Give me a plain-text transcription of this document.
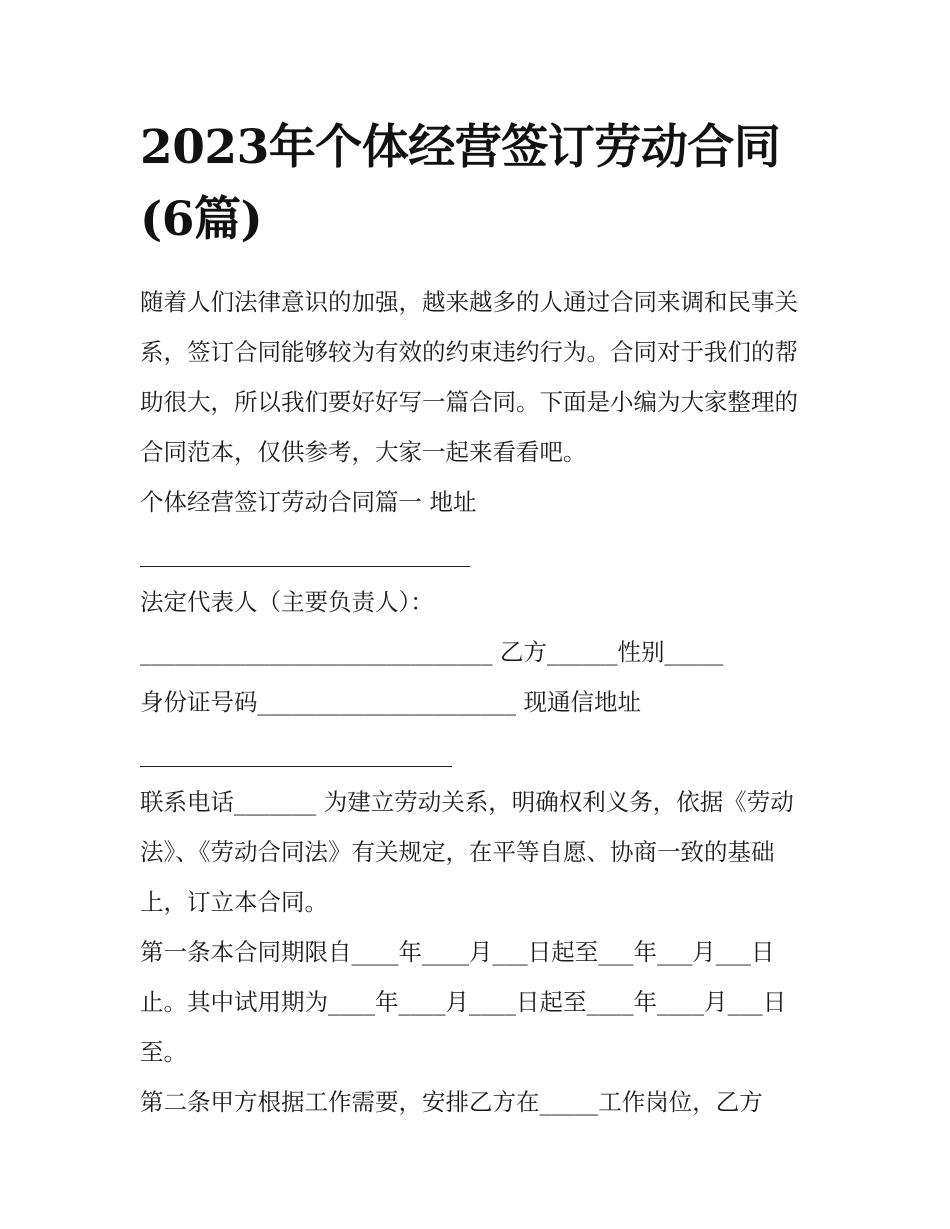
2023年个体经营签订劳动合同
(6篇)

随着人们法律意识的加强，越来越多的人通过合同来调和民事关系，签订合同能够较为有效的约束违约行为。合同对于我们的帮助很大，所以我们要好好写一篇合同。下面是小编为大家整理的合同范本，仅供参考，大家一起来看看吧。

个体经营签订劳动合同篇一 地址

法定代表人（主要负责人）：

______________________________ 乙方______性别_____

身份证号码______________________ 现通信地址

联系电话_______ 为建立劳动关系，明确权利义务，依据《劳动法》、《劳动合同法》有关规定，在平等自愿、协商一致的基础上，订立本合同。

第一条本合同期限自____年____月___日起至___年___月___日止。其中试用期为____年____月____日起至____年____月___日至。

第二条甲方根据工作需要，安排乙方在_____工作岗位，乙方
